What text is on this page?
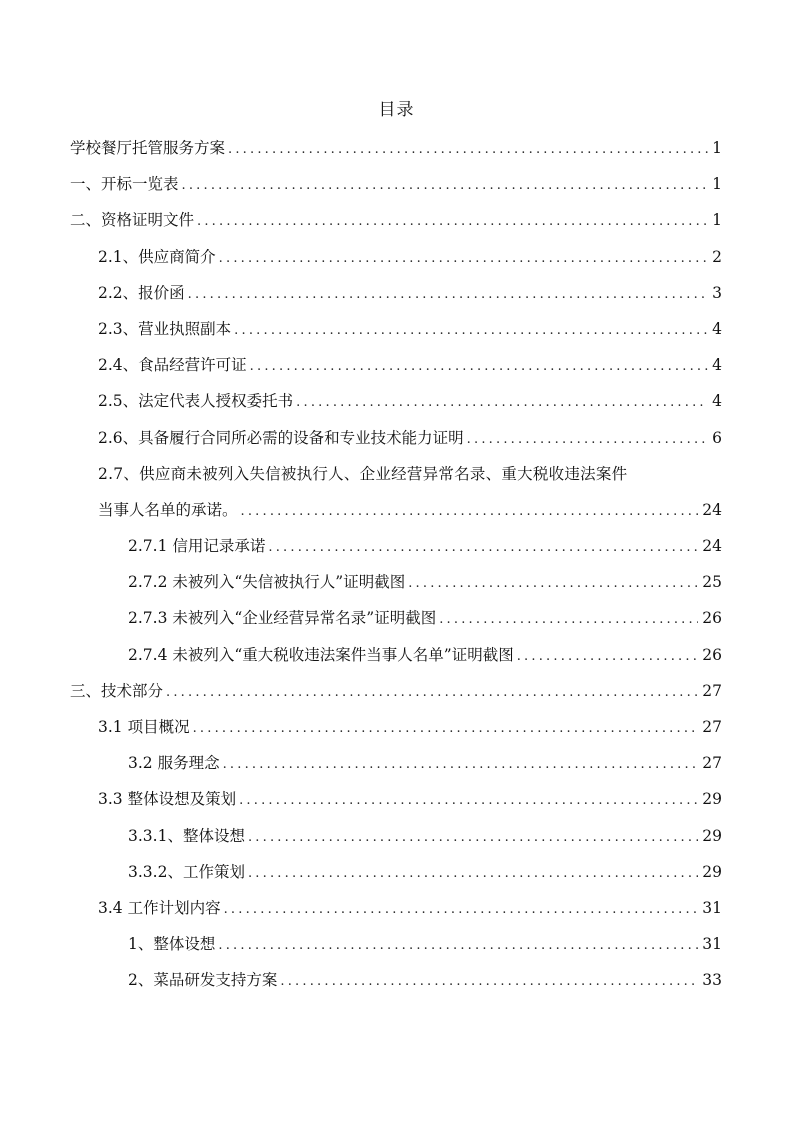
目录
学校餐厅托管服务方案 .....	1
一、开标一览表 .....	1
二、资格证明文件 .....	1
2.1、供应商简介 .....	2
2.2、报价函 .....	3
2.3、营业执照副本 .....	4
2.4、食品经营许可证 .....	4
2.5、法定代表人授权委托书 .....	4
2.6、具备履行合同所必需的设备和专业技术能力证明 .....	6
2.7、供应商未被列入失信被执行人、企业经营异常名录、重大税收违法案件
当事人名单的承诺。 .....	24
2.7.1 信用记录承诺 .....	24
2.7.2 未被列入“失信被执行人”证明截图 .....	25
2.7.3 未被列入“企业经营异常名录”证明截图 .....	26
2.7.4 未被列入“重大税收违法案件当事人名单”证明截图 .....	26
三、技术部分 .....	27
3.1 项目概况 .....	27
3.2 服务理念 .....	27
3.3 整体设想及策划 .....	29
3.3.1、整体设想 .....	29
3.3.2、工作策划 .....	29
3.4 工作计划内容 .....	31
1、整体设想 .....	31
2、菜品研发支持方案 .....	33
